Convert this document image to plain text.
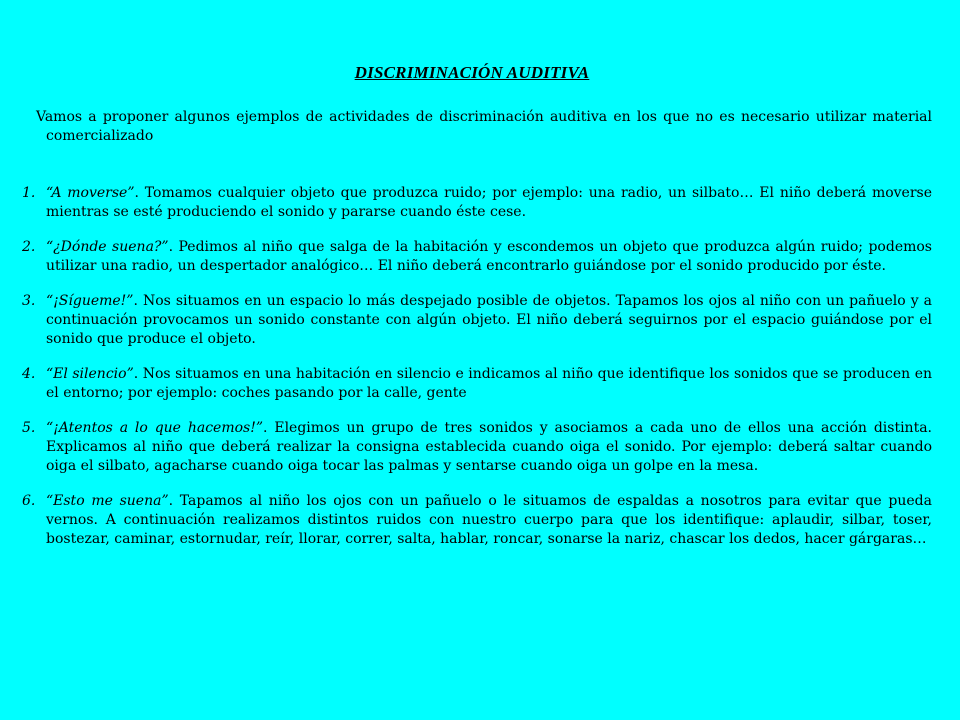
DISCRIMINACIÓN AUDITIVA
Vamos a proponer algunos ejemplos de actividades de discriminación auditiva en los que no es necesario utilizar material comercializado
1. “A moverse”. Tomamos cualquier objeto que produzca ruido; por ejemplo: una radio, un silbato… El niño deberá moverse mientras se esté produciendo el sonido y pararse cuando éste cese.
2. “¿Dónde suena?”. Pedimos al niño que salga de la habitación y escondemos un objeto que produzca algún ruido; podemos utilizar una radio, un despertador analógico… El niño deberá encontrarlo guiándose por el sonido producido por éste.
3. “¡Sígueme!”. Nos situamos en un espacio lo más despejado posible de objetos. Tapamos los ojos al niño con un pañuelo y a continuación provocamos un sonido constante con algún objeto. El niño deberá seguirnos por el espacio guiándose por el sonido que produce el objeto.
4. “El silencio”. Nos situamos en una habitación en silencio e indicamos al niño que identifique los sonidos que se producen en el entorno; por ejemplo: coches pasando por la calle, gente
5. “¡Atentos a lo que hacemos!”. Elegimos un grupo de tres sonidos y asociamos a cada uno de ellos una acción distinta. Explicamos al niño que deberá realizar la consigna establecida cuando oiga el sonido. Por ejemplo: deberá saltar cuando oiga el silbato, agacharse cuando oiga tocar las palmas y sentarse cuando oiga un golpe en la mesa.
6. “Esto me suena”. Tapamos al niño los ojos con un pañuelo o le situamos de espaldas a nosotros para evitar que pueda vernos. A continuación realizamos distintos ruidos con nuestro cuerpo para que los identifique: aplaudir, silbar, toser, bostezar, caminar, estornudar, reír, llorar, correr, salta, hablar, roncar, sonarse la nariz, chascar los dedos, hacer gárgaras…
